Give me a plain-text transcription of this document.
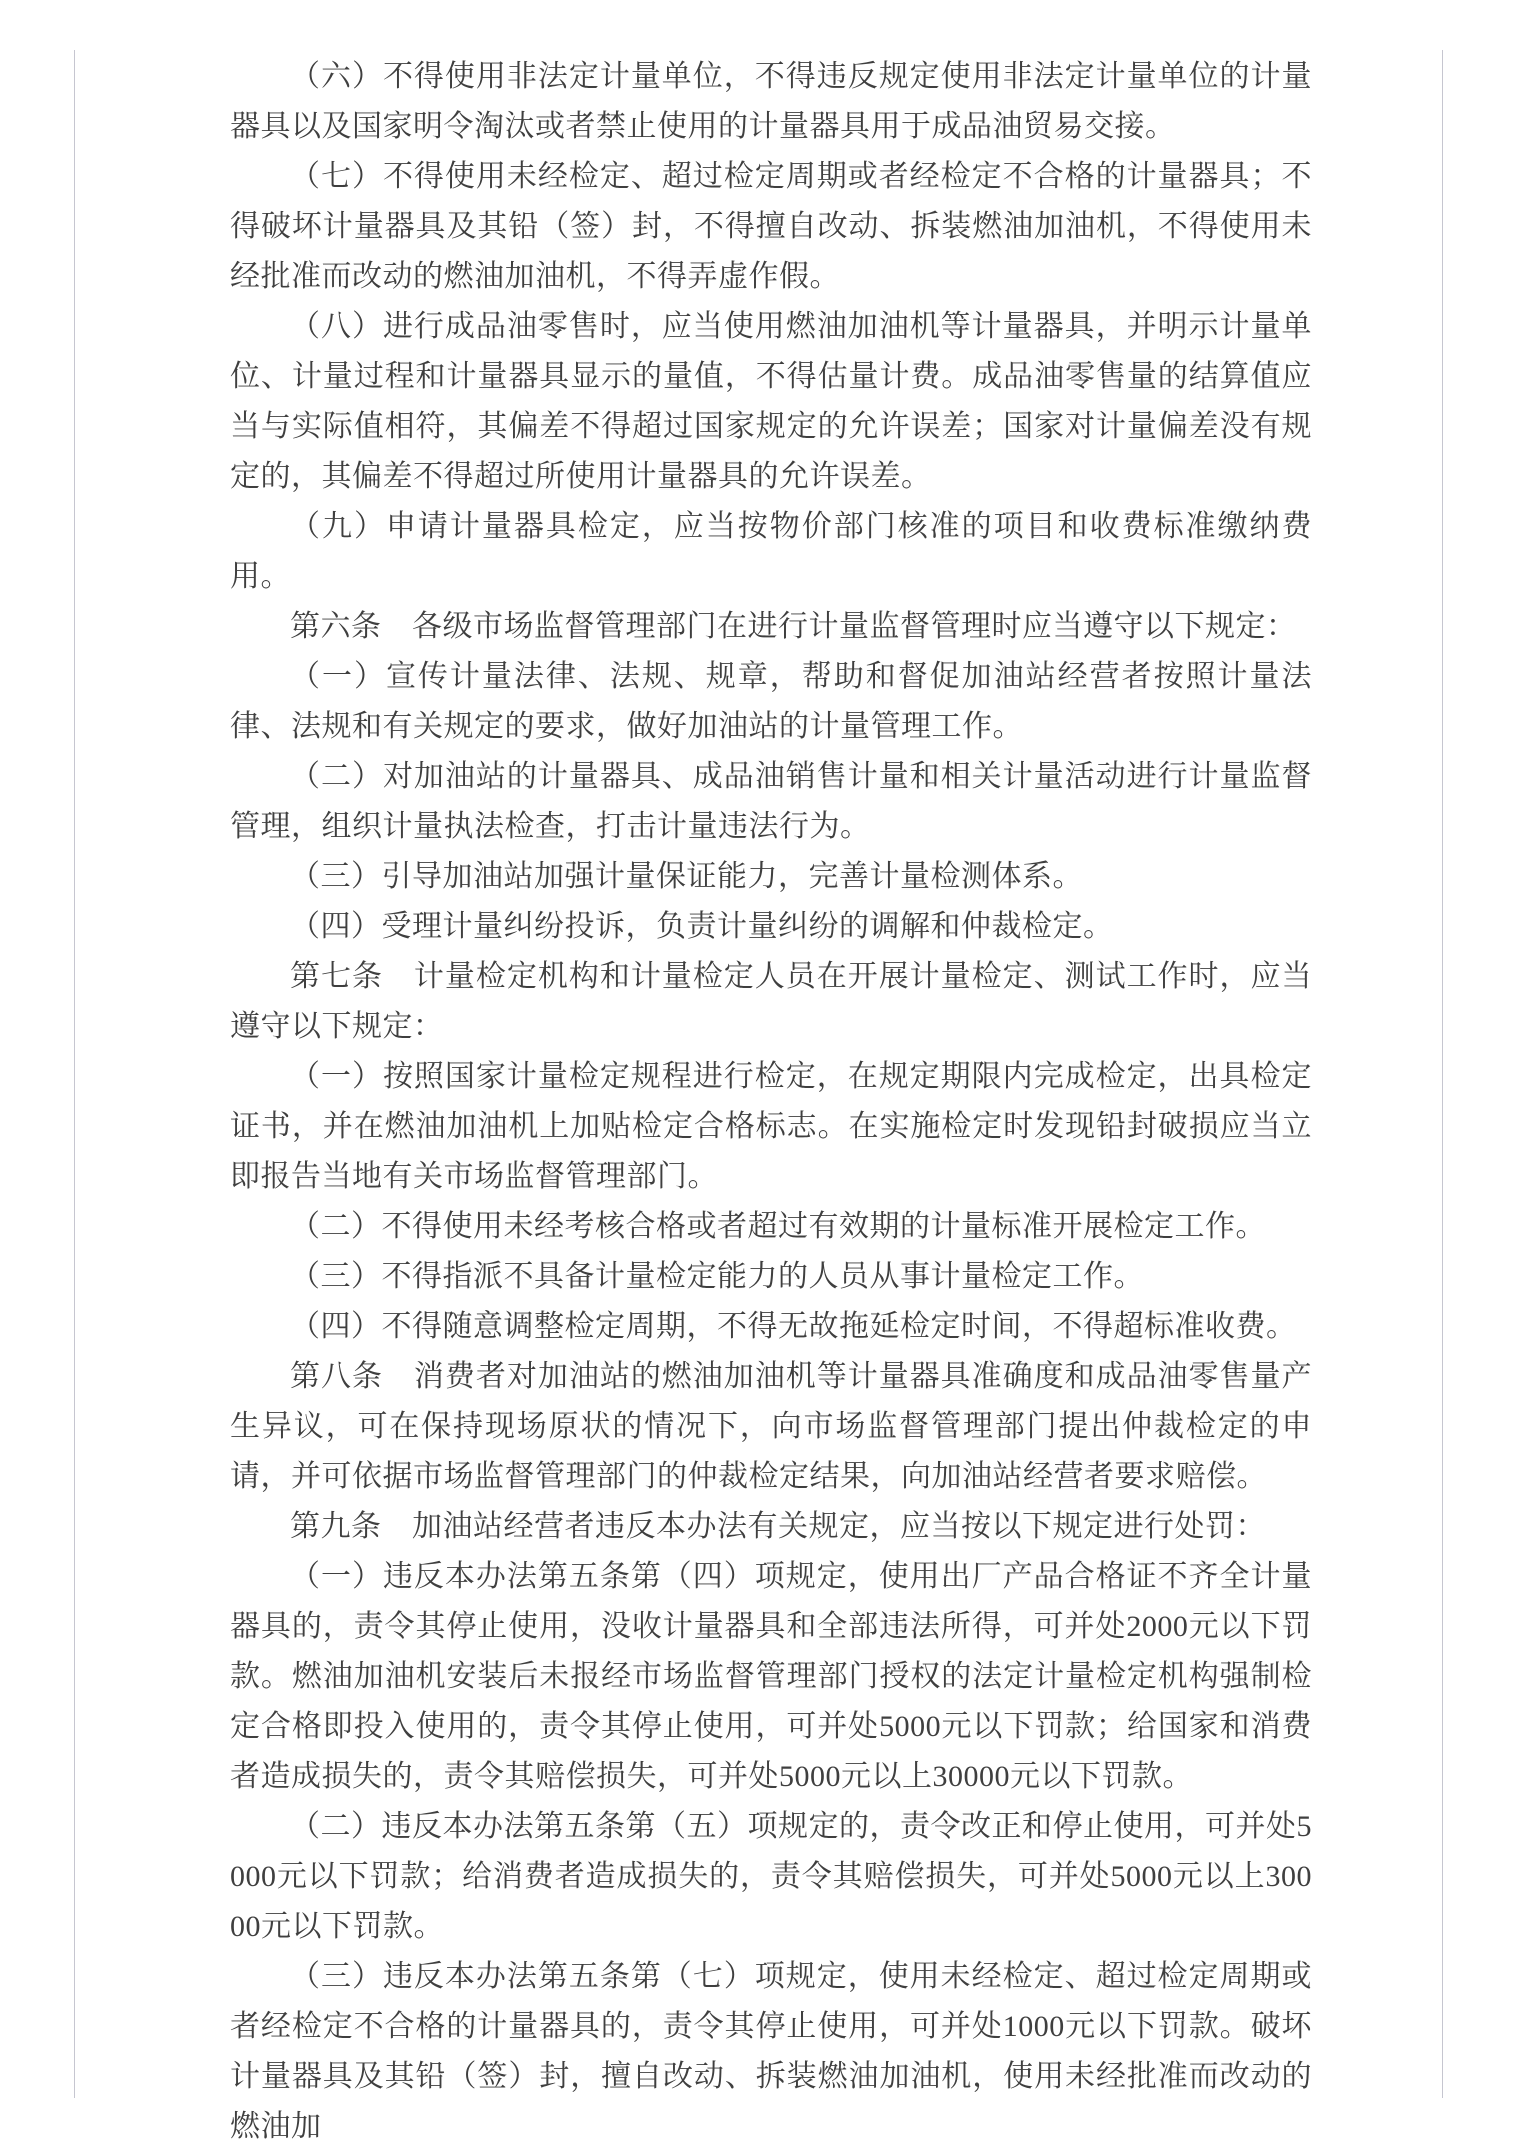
（六）不得使用非法定计量单位，不得违反规定使用非法定计量单位的计量器具以及国家明令淘汰或者禁止使用的计量器具用于成品油贸易交接。

（七）不得使用未经检定、超过检定周期或者经检定不合格的计量器具；不得破坏计量器具及其铅（签）封，不得擅自改动、拆装燃油加油机，不得使用未经批准而改动的燃油加油机，不得弄虚作假。

（八）进行成品油零售时，应当使用燃油加油机等计量器具，并明示计量单位、计量过程和计量器具显示的量值，不得估量计费。成品油零售量的结算值应当与实际值相符，其偏差不得超过国家规定的允许误差；国家对计量偏差没有规定的，其偏差不得超过所使用计量器具的允许误差。

（九）申请计量器具检定，应当按物价部门核准的项目和收费标准缴纳费用。

第六条　各级市场监督管理部门在进行计量监督管理时应当遵守以下规定：

（一）宣传计量法律、法规、规章，帮助和督促加油站经营者按照计量法律、法规和有关规定的要求，做好加油站的计量管理工作。

（二）对加油站的计量器具、成品油销售计量和相关计量活动进行计量监督管理，组织计量执法检查，打击计量违法行为。

（三）引导加油站加强计量保证能力，完善计量检测体系。

（四）受理计量纠纷投诉，负责计量纠纷的调解和仲裁检定。

第七条　计量检定机构和计量检定人员在开展计量检定、测试工作时，应当遵守以下规定：

（一）按照国家计量检定规程进行检定，在规定期限内完成检定，出具检定证书，并在燃油加油机上加贴检定合格标志。在实施检定时发现铅封破损应当立即报告当地有关市场监督管理部门。

（二）不得使用未经考核合格或者超过有效期的计量标准开展检定工作。

（三）不得指派不具备计量检定能力的人员从事计量检定工作。

（四）不得随意调整检定周期，不得无故拖延检定时间，不得超标准收费。

第八条　消费者对加油站的燃油加油机等计量器具准确度和成品油零售量产生异议，可在保持现场原状的情况下，向市场监督管理部门提出仲裁检定的申请，并可依据市场监督管理部门的仲裁检定结果，向加油站经营者要求赔偿。

第九条　加油站经营者违反本办法有关规定，应当按以下规定进行处罚：

（一）违反本办法第五条第（四）项规定，使用出厂产品合格证不齐全计量器具的，责令其停止使用，没收计量器具和全部违法所得，可并处2000元以下罚款。燃油加油机安装后未报经市场监督管理部门授权的法定计量检定机构强制检定合格即投入使用的，责令其停止使用，可并处5000元以下罚款；给国家和消费者造成损失的，责令其赔偿损失，可并处5000元以上30000元以下罚款。

（二）违反本办法第五条第（五）项规定的，责令改正和停止使用，可并处5000元以下罚款；给消费者造成损失的，责令其赔偿损失，可并处5000元以上30000元以下罚款。

（三）违反本办法第五条第（七）项规定，使用未经检定、超过检定周期或者经检定不合格的计量器具的，责令其停止使用，可并处1000元以下罚款。破坏计量器具及其铅（签）封，擅自改动、拆装燃油加油机，使用未经批准而改动的燃油加
